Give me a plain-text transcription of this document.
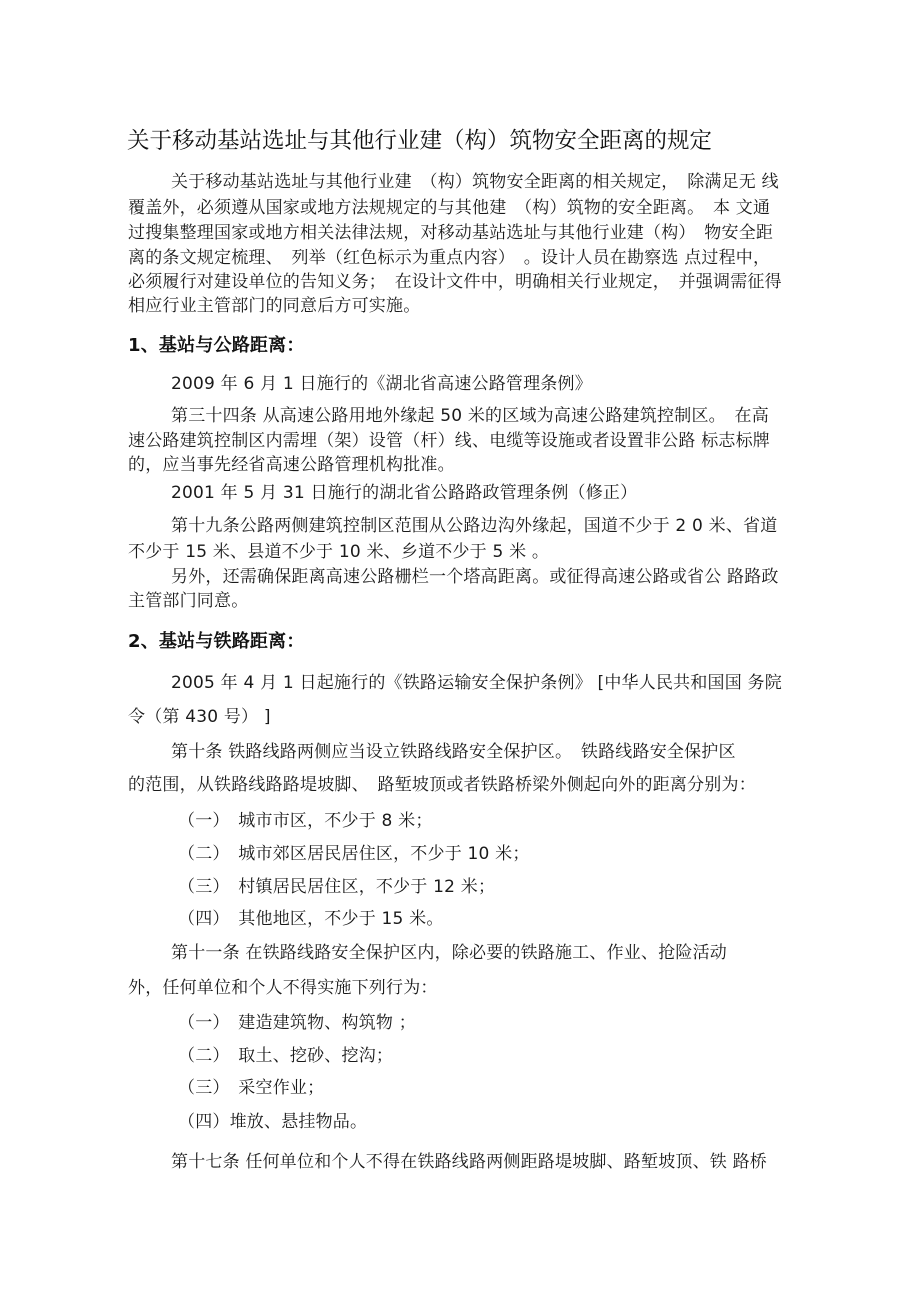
关于移动基站选址与其他行业建（构）筑物安全距离的规定
关于移动基站选址与其他行业建　（构）筑物安全距离的相关规定，　除满足无 线
覆盖外，必须遵从国家或地方法规规定的与其他建　（构）筑物的安全距离。　本 文通
过搜集整理国家或地方相关法律法规，对移动基站选址与其他行业建（构）　物安全距
离的条文规定梳理、　列举（红色标示为重点内容）　。设计人员在勘察选 点过程中，
必须履行对建设单位的告知义务；　在设计文件中，明确相关行业规定，　并强调需征得
相应行业主管部门的同意后方可实施。
1、基站与公路距离：
2009 年 6 月 1 日施行的《湖北省高速公路管理条例》
第三十四条 从高速公路用地外缘起 50 米的区域为高速公路建筑控制区。　在高
速公路建筑控制区内需埋（架）设管（杆）线、电缆等设施或者设置非公路 标志标牌
的，应当事先经省高速公路管理机构批准。
2001 年 5 月 31 日施行的湖北省公路路政管理条例（修正）
第十九条公路两侧建筑控制区范围从公路边沟外缘起，国道不少于 2 0 米、省道
不少于 15 米、县道不少于 10 米、乡道不少于 5 米 。
另外，还需确保距离高速公路栅栏一个塔高距离。或征得高速公路或省公 路路政
主管部门同意。
2、基站与铁路距离：
2005 年 4 月 1 日起施行的《铁路运输安全保护条例》 [中华人民共和国国 务院
令（第 430 号） ]
第十条 铁路线路两侧应当设立铁路线路安全保护区。　铁路线路安全保护区
的范围，从铁路线路路堤坡脚、　路堑坡顶或者铁路桥梁外侧起向外的距离分别为：
（一）　城市市区，不少于 8 米；
（二）　城市郊区居民居住区，不少于 10 米；
（三）　村镇居民居住区，不少于 12 米；
（四）　其他地区，不少于 15 米。
第十一条 在铁路线路安全保护区内，除必要的铁路施工、作业、抢险活动
外，任何单位和个人不得实施下列行为：
（一）　建造建筑物、构筑物 ；
（二）　取土、挖砂、挖沟；
（三）　采空作业；
（四）堆放、悬挂物品。
第十七条 任何单位和个人不得在铁路线路两侧距路堤坡脚、路堑坡顶、铁 路桥
